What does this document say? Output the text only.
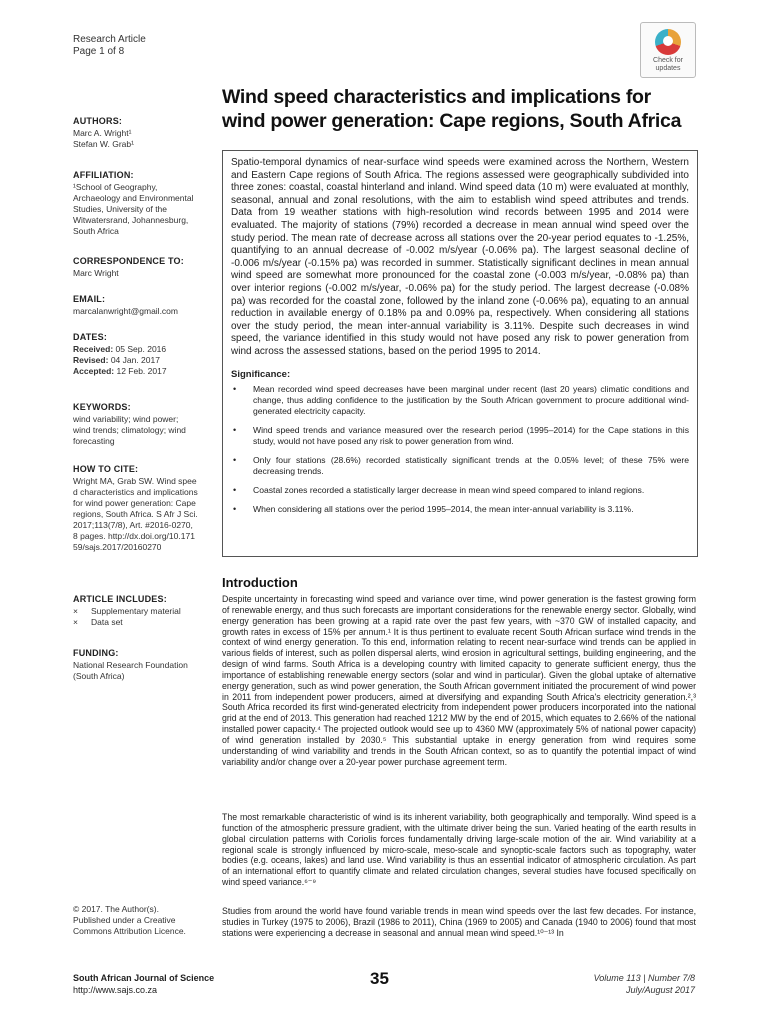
Research Article
Page 1 of 8
Check for
updates
AUTHORS:

Marc A. Wright¹

Stefan W. Grab¹

AFFILIATION:

¹School of Geography, Archaeology and Environmental Studies, University of the Witwatersrand, Johannesburg, South Africa

CORRESPONDENCE TO:

Marc Wright

EMAIL:

marcalanwright@gmail.com

DATES:

Received: 05 Sep. 2016

Revised: 04 Jan. 2017

Accepted: 12 Feb. 2017

KEYWORDS:

wind variability; wind power; wind trends; climatology; wind forecasting

HOW TO CITE:

Wright MA, Grab SW. Wind speed characteristics and implications for wind power generation: Cape regions, South Africa. S Afr J Sci. 2017;113(7/8), Art. #2016-0270, 8 pages. http://dx.doi.org/10.17159/sajs.2017/20160270

ARTICLE INCLUDES:

× Supplementary material

× Data set

FUNDING:

National Research Foundation (South Africa)

© 2017. The Author(s). Published under a Creative Commons Attribution Licence.

Wind speed characteristics and implications for
wind power generation: Cape regions, South Africa
Spatio-temporal dynamics of near-surface wind speeds were examined across the Northern, Western and Eastern Cape regions of South Africa. The regions assessed were geographically subdivided into three zones: coastal, coastal hinterland and inland. Wind speed data (10 m) were evaluated at monthly, seasonal, annual and zonal resolutions, with the aim to establish wind speed attributes and trends. Data from 19 weather stations with high-resolution wind records between 1995 and 2014 were evaluated. The majority of stations (79%) recorded a decrease in mean annual wind speed over the study period. The mean rate of decrease across all stations over the 20-year period equates to -1.25%, quantifying to an annual decrease of -0.002 m/s/year (-0.06% pa). The largest seasonal decline of -0.006 m/s/year (-0.15% pa) was recorded in summer. Statistically significant declines in mean annual wind speed are somewhat more pronounced for the coastal zone (-0.003 m/s/year, -0.08% pa) than over interior regions (-0.002 m/s/year, -0.06% pa) for the study period. The largest decrease (-0.08% pa) was recorded for the coastal zone, followed by the inland zone (-0.06% pa), equating to an annual reduction in available energy of 0.18% pa and 0.09% pa, respectively. When considering all stations over the study period, the mean inter-annual variability is 3.11%. Despite such decreases in wind speed, the variance identified in this study would not have posed any risk to power generation from wind across the assessed stations, based on the period 1995 to 2014.
Significance:
• Mean recorded wind speed decreases have been marginal under recent (last 20 years) climatic conditions and change, thus adding confidence to the justification by the South African government to procure additional wind-generated electricity capacity.
• Wind speed trends and variance measured over the research period (1995–2014) for the Cape stations in this study, would not have posed any risk to power generation from wind.
• Only four stations (28.6%) recorded statistically significant trends at the 0.05% level; of these 75% were decreasing trends.
• Coastal zones recorded a statistically larger decrease in mean wind speed compared to inland regions.
• When considering all stations over the period 1995–2014, the mean inter-annual variability is 3.11%.
Introduction
Despite uncertainty in forecasting wind speed and variance over time, wind power generation is the fastest growing form of renewable energy, and thus such forecasts are important considerations for the renewable energy sector. Globally, wind energy generation has been growing at a rapid rate over the past few years, with ~370 GW of installed capacity, and growth rates in excess of 15% per annum.¹ It is thus pertinent to evaluate recent South African surface wind trends in the context of wind energy generation. To this end, information relating to recent near-surface wind trends can be applied in various fields of interest, such as pollen dispersal alerts, wind erosion in agricultural settings, building engineering, and the design of wind farms. South Africa is a developing country with limited capacity to generate sufficient energy, thus the importance of establishing renewable energy sectors (solar and wind in particular). Given the global uptake of alternative energy generation, such as wind power generation, the South African government initiated the procurement of wind power in 2011 from independent power producers, aimed at diversifying and expanding South Africa's electricity generation.²,³ South Africa recorded its first wind-generated electricity from independent power producers incorporated into the national grid at the end of 2013. This generation had reached 1212 MW by the end of 2015, which equates to 2.66% of the national installed power capacity.⁴ The projected outlook would see up to 4360 MW (approximately 5% of national power capacity) of wind generation installed by 2030.⁵ This substantial uptake in energy generation from wind requires some understanding of wind variability and trends in the South African context, so as to quantify the potential impact of wind variability and/or change over a 20-year power purchase agreement term.
The most remarkable characteristic of wind is its inherent variability, both geographically and temporally. Wind speed is a function of the atmospheric pressure gradient, with the ultimate driver being the sun. Varied heating of the earth results in global circulation patterns with Coriolis forces fundamentally driving large-scale motion of the air. Wind variability at a regional scale is strongly influenced by micro-scale, meso-scale and synoptic-scale factors such as topography, water bodies (e.g. oceans, lakes) and land use. Wind variability is thus an essential indicator of atmospheric circulation. As part of an international effort to quantify climate and related circulation changes, several studies have focused specifically on wind speed variance.⁶⁻⁹
Studies from around the world have found variable trends in mean wind speeds over the last few decades. For instance, studies in Turkey (1975 to 2006), Brazil (1986 to 2011), China (1969 to 2005) and Canada (1940 to 2006) found that most stations were experiencing a decrease in seasonal and annual mean wind speed.¹⁰⁻¹³ In
South African Journal of Science
http://www.sajs.co.za
35	Volume 113 | Number 7/8
July/August 2017
